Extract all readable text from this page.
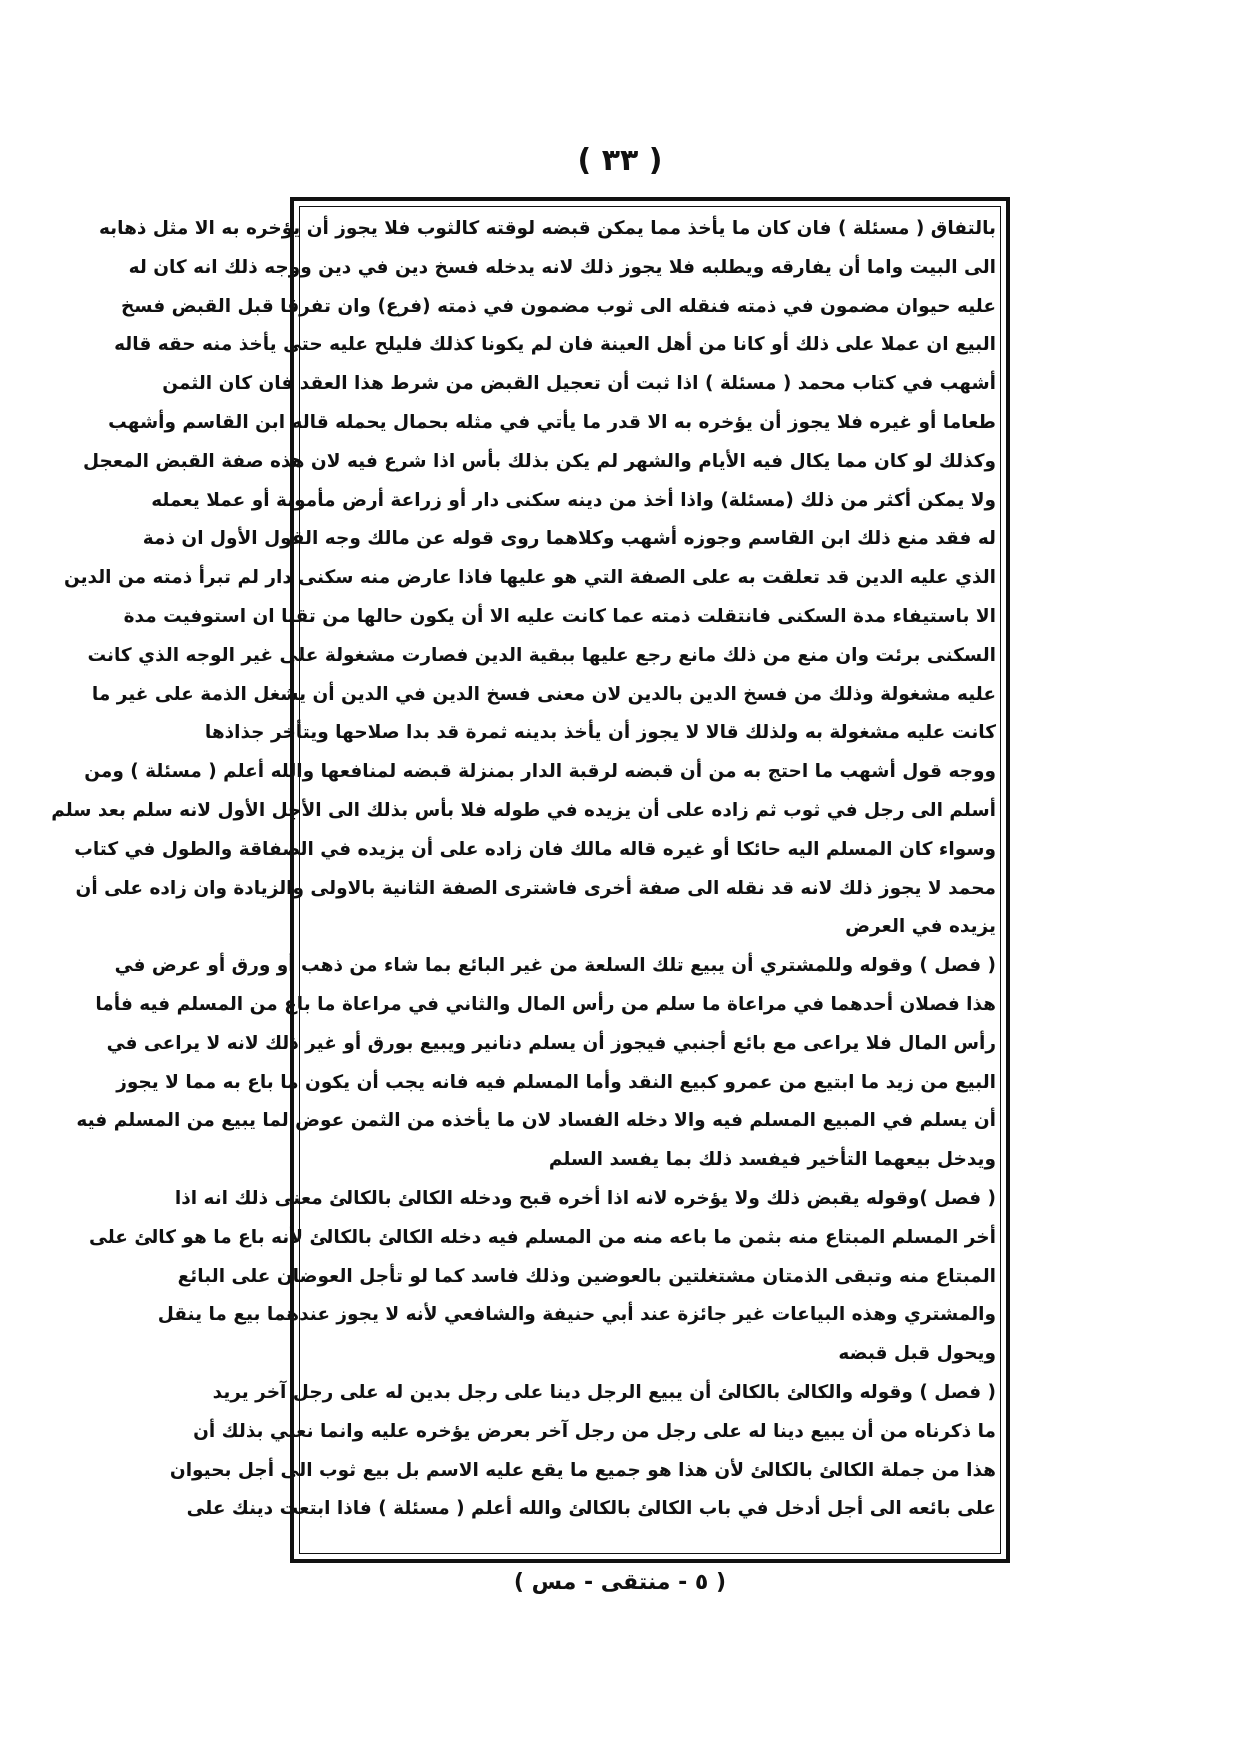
( ٣٣ )
بالتفاق ( مسئلة ) فان كان ما يأخذ مما يمكن قبضه لوقته كالثوب فلا يجوز أن يؤخره به الا مثل ذهابه
الى البيت واما أن يفارقه ويطلبه فلا يجوز ذلك لانه يدخله فسخ دين في دين ووجه ذلك انه كان له
عليه حيوان مضمون في ذمته فنقله الى ثوب مضمون في ذمته (فرع) وان تفرقا قبل القبض فسخ
البيع ان عملا على ذلك أو كانا من أهل العينة فان لم يكونا كذلك فليلح عليه حتى يأخذ منه حقه قاله
أشهب في كتاب محمد ( مسئلة ) اذا ثبت أن تعجيل القبض من شرط هذا العقد فان كان الثمن
طعاما أو غيره فلا يجوز أن يؤخره به الا قدر ما يأتي في مثله بحمال يحمله قاله ابن القاسم وأشهب
وكذلك لو كان مما يكال فيه الأيام والشهر لم يكن بذلك بأس اذا شرع فيه لان هذه صفة القبض المعجل
ولا يمكن أكثر من ذلك (مسئلة) واذا أخذ من دينه سكنى دار أو زراعة أرض مأمونة أو عملا يعمله
له فقد منع ذلك ابن القاسم وجوزه أشهب وكلاهما روى قوله عن مالك وجه القول الأول ان ذمة
الذي عليه الدين قد تعلقت به على الصفة التي هو عليها فاذا عارض منه سكنى دار لم تبرأ ذمته من الدين
الا باستيفاء مدة السكنى فانتقلت ذمته عما كانت عليه الا أن يكون حالها من تقبا ان استوفيت مدة
السكنى برئت وان منع من ذلك مانع رجع عليها ببقية الدين فصارت مشغولة على غير الوجه الذي كانت
عليه مشغولة وذلك من فسخ الدين بالدين لان معنى فسخ الدين في الدين أن يشغل الذمة على غير ما
كانت عليه مشغولة به ولذلك قالا لا يجوز أن يأخذ بدينه ثمرة قد بدا صلاحها ويتأخر جذاذها
ووجه قول أشهب ما احتج به من أن قبضه لرقبة الدار بمنزلة قبضه لمنافعها والله أعلم ( مسئلة ) ومن
أسلم الى رجل في ثوب ثم زاده على أن يزيده في طوله فلا بأس بذلك الى الأجل الأول لانه سلم بعد سلم
وسواء كان المسلم اليه حائكا أو غيره قاله مالك فان زاده على أن يزيده في الصفاقة والطول في كتاب
محمد لا يجوز ذلك لانه قد نقله الى صفة أخرى فاشترى الصفة الثانية بالاولى والزيادة وان زاده على أن
يزيده في العرض
( فصل ) وقوله وللمشتري أن يبيع تلك السلعة من غير البائع بما شاء من ذهب أو ورق أو عرض في
هذا فصلان أحدهما في مراعاة ما سلم من رأس المال والثاني في مراعاة ما باع من المسلم فيه فأما
رأس المال فلا يراعى مع بائع أجنبي فيجوز أن يسلم دنانير ويبيع بورق أو غير ذلك لانه لا يراعى في
البيع من زيد ما ابتيع من عمرو كبيع النقد وأما المسلم فيه فانه يجب أن يكون ما باع به مما لا يجوز
أن يسلم في المبيع المسلم فيه والا دخله الفساد لان ما يأخذه من الثمن عوض لما يبيع من المسلم فيه
ويدخل بيعهما التأخير فيفسد ذلك بما يفسد السلم
( فصل )وقوله يقبض ذلك ولا يؤخره لانه اذا أخره قبح ودخله الكالئ بالكالئ معنى ذلك انه اذا
أخر المسلم المبتاع منه بثمن ما باعه منه من المسلم فيه دخله الكالئ بالكالئ لأنه باع ما هو كالئ على
المبتاع منه وتبقى الذمتان مشتغلتين بالعوضين وذلك فاسد كما لو تأجل العوضان على البائع
والمشتري وهذه البياعات غير جائزة عند أبي حنيفة والشافعي لأنه لا يجوز عندهما بيع ما ينقل
ويحول قبل قبضه
( فصل ) وقوله والكالئ بالكالئ أن يبيع الرجل دينا على رجل بدين له على رجل آخر يريد
ما ذكرناه من أن يبيع دينا له على رجل من رجل آخر بعرض يؤخره عليه وانما نعني بذلك أن
هذا من جملة الكالئ بالكالئ لأن هذا هو جميع ما يقع عليه الاسم بل بيع ثوب الى أجل بحيوان
على بائعه الى أجل أدخل في باب الكالئ بالكالئ والله أعلم ( مسئلة ) فاذا ابتعت دينك على
( ٥ - منتقى - مس )
